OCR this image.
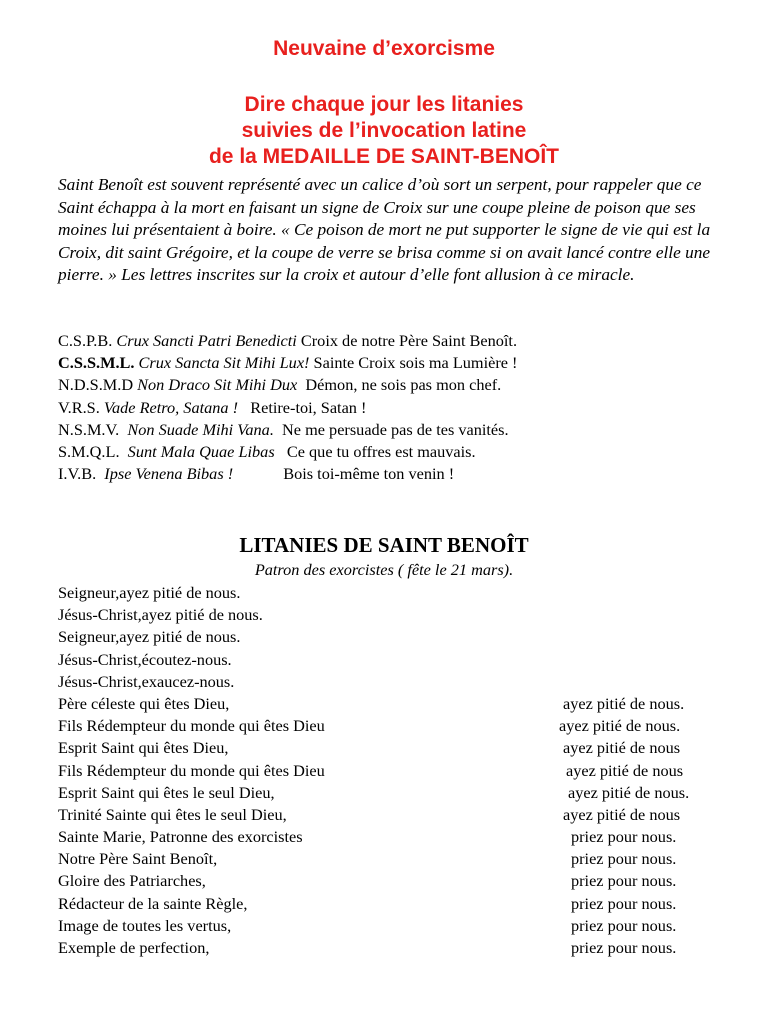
Neuvaine d’exorcisme
Dire chaque jour les litanies
suivies de l’invocation latine
de la MEDAILLE DE SAINT-BENOÎT

Saint Benoît est souvent représenté avec un calice d’où sort un serpent, pour rappeler que ce Saint échappa à la mort en faisant un signe de Croix sur une coupe pleine de poison que ses moines lui présentaient à boire. « Ce poison de mort ne put supporter le signe de vie qui est la Croix, dit saint Grégoire, et la coupe de verre se brisa comme si on avait lancé contre elle une pierre. » Les lettres inscrites sur la croix et autour d’elle font allusion à ce miracle.

C.S.P.B. Crux Sancti Patri Benedicti Croix de notre Père Saint Benoît.
C.S.S.M.L. Crux Sancta Sit Mihi Lux! Sainte Croix sois ma Lumière !
N.D.S.M.D Non Draco Sit Mihi Dux Démon, ne sois pas mon chef.
V.R.S. Vade Retro, Satana ! Retire-toi, Satan !
N.S.M.V. Non Suade Mihi Vana. Ne me persuade pas de tes vanités.
S.M.Q.L. Sunt Mala Quae Libas Ce que tu offres est mauvais.
I.V.B. Ipse Venena Bibas !	Bois toi-même ton venin !
LITANIES DE SAINT BENOÎT

Patron des exorcistes ( fête le 21 mars).

Seigneur,ayez pitié de nous.
Jésus-Christ,ayez pitié de nous.
Seigneur,ayez pitié de nous.
Jésus-Christ,écoutez-nous.
Jésus-Christ,exaucez-nous.
Père céleste qui êtes Dieu,	ayez pitié de nous.
Fils Rédempteur du monde qui êtes Dieu	ayez pitié de nous.
Esprit Saint qui êtes Dieu,	ayez pitié de nous
Fils Rédempteur du monde qui êtes Dieu	ayez pitié de nous
Esprit Saint qui êtes le seul Dieu,	ayez pitié de nous.
Trinité Sainte qui êtes le seul Dieu,	ayez pitié de nous
Sainte Marie, Patronne des exorcistes	priez pour nous.
Notre Père Saint Benoît,	priez pour nous.
Gloire des Patriarches,	priez pour nous.
Rédacteur de la sainte Règle,	priez pour nous.
Image de toutes les vertus,	priez pour nous.
Exemple de perfection,	priez pour nous.
